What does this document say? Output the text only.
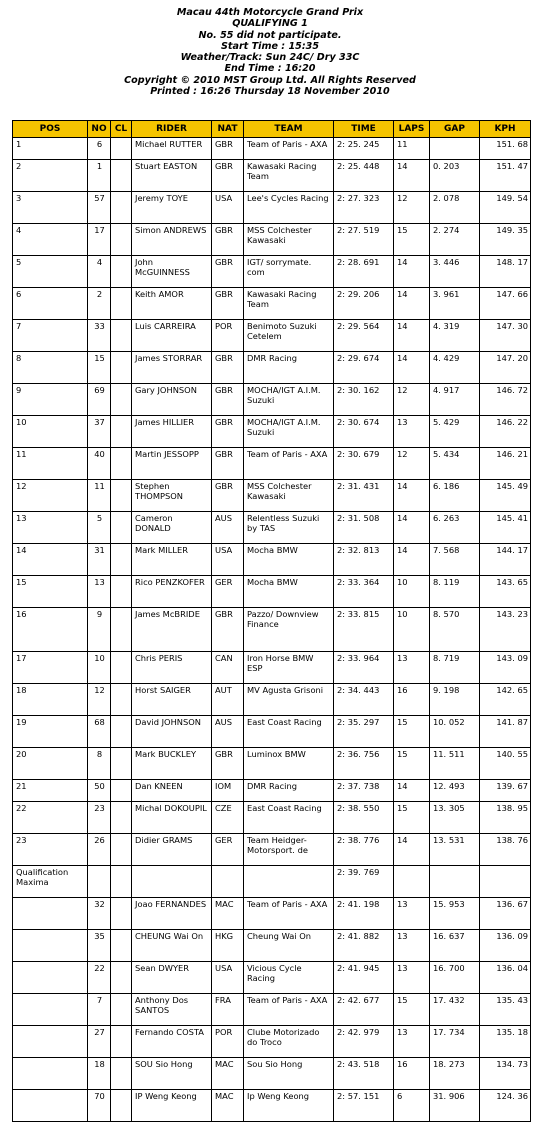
Macau 44th Motorcycle Grand Prix
QUALIFYING 1
No. 55 did not participate.
Start Time : 15:35
Weather/Track: Sun 24C/ Dry 33C
End Time : 16:20
Copyright © 2010 MST Group Ltd. All Rights Reserved
Printed : 16:26 Thursday 18 November 2010
POS	NO	CL	RIDER	NAT	TEAM	TIME	LAPS	GAP	KPH
1	6		Michael RUTTER	GBR	Team of Paris - AXA	2: 25. 245	11		151. 68
2	1		Stuart EASTON	GBR	Kawasaki Racing Team	2: 25. 448	14	0. 203	151. 47
3	57		Jeremy TOYE	USA	Lee's Cycles Racing	2: 27. 323	12	2. 078	149. 54
4	17		Simon ANDREWS	GBR	MSS Colchester Kawasaki	2: 27. 519	15	2. 274	149. 35
5	4		John McGUINNESS	GBR	IGT/ sorrymate. com	2: 28. 691	14	3. 446	148. 17
6	2		Keith AMOR	GBR	Kawasaki Racing Team	2: 29. 206	14	3. 961	147. 66
7	33		Luis CARREIRA	POR	Benimoto Suzuki Cetelem	2: 29. 564	14	4. 319	147. 30
8	15		James STORRAR	GBR	DMR Racing	2: 29. 674	14	4. 429	147. 20
9	69		Gary JOHNSON	GBR	MOCHA/IGT A.I.M. Suzuki	2: 30. 162	12	4. 917	146. 72
10	37		James HILLIER	GBR	MOCHA/IGT A.I.M. Suzuki	2: 30. 674	13	5. 429	146. 22
11	40		Martin JESSOPP	GBR	Team of Paris - AXA	2: 30. 679	12	5. 434	146. 21
12	11		Stephen THOMPSON	GBR	MSS Colchester Kawasaki	2: 31. 431	14	6. 186	145. 49
13	5		Cameron DONALD	AUS	Relentless Suzuki by TAS	2: 31. 508	14	6. 263	145. 41
14	31		Mark MILLER	USA	Mocha BMW	2: 32. 813	14	7. 568	144. 17
15	13		Rico PENZKOFER	GER	Mocha BMW	2: 33. 364	10	8. 119	143. 65
16	9		James McBRIDE	GBR	Pazzo/ Downview Finance	2: 33. 815	10	8. 570	143. 23
17	10		Chris PERIS	CAN	Iron Horse BMW ESP	2: 33. 964	13	8. 719	143. 09
18	12		Horst SAIGER	AUT	MV Agusta Grisoni	2: 34. 443	16	9. 198	142. 65
19	68		David JOHNSON	AUS	East Coast Racing	2: 35. 297	15	10. 052	141. 87
20	8		Mark BUCKLEY	GBR	Luminox BMW	2: 36. 756	15	11. 511	140. 55
21	50		Dan KNEEN	IOM	DMR Racing	2: 37. 738	14	12. 493	139. 67
22	23		Michal DOKOUPIL	CZE	East Coast Racing	2: 38. 550	15	13. 305	138. 95
23	26		Didier GRAMS	GER	Team Heidger-Motorsport. de	2: 38. 776	14	13. 531	138. 76
Qualification Maxima						2: 39. 769			
	32		Joao FERNANDES	MAC	Team of Paris - AXA	2: 41. 198	13	15. 953	136. 67
	35		CHEUNG Wai On	HKG	Cheung Wai On	2: 41. 882	13	16. 637	136. 09
	22		Sean DWYER	USA	Vicious Cycle Racing	2: 41. 945	13	16. 700	136. 04
	7		Anthony Dos SANTOS	FRA	Team of Paris - AXA	2: 42. 677	15	17. 432	135. 43
	27		Fernando COSTA	POR	Clube Motorizado do Troco	2: 42. 979	13	17. 734	135. 18
	18		SOU Sio Hong	MAC	Sou Sio Hong	2: 43. 518	16	18. 273	134. 73
	70		IP Weng Keong	MAC	Ip Weng Keong	2: 57. 151	6	31. 906	124. 36
